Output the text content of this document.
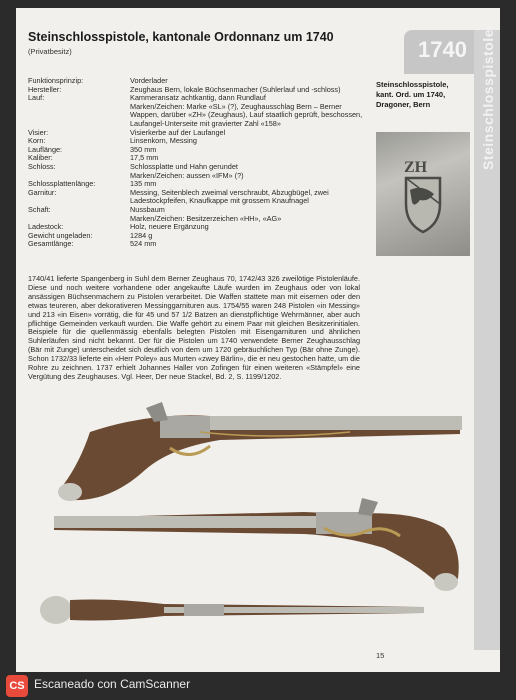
Steinschlosspistole, kantonale Ordonnanz um 1740
(Privatbesitz)	1740 Steinschlosspistolen
Funktionsprinzip:	Vorderlader
Hersteller:	Zeughaus Bern, lokale Büchsenmacher (Suhlerlauf und -schloss)
Lauf:	Kammeransatz achtkantig, dann Rundlauf
Marken/Zeichen: Marke «SL» (?), Zeughausschlag Bern – Berner Wappen, darüber «ZH» (Zeughaus), Lauf staatlich geprüft, beschossen, Laufangel-Unterseite mit gravierter Zahl «158»
Visier:	Visierkerbe auf der Laufangel
Korn:	Linsenkorn, Messing
Lauflänge:	350 mm
Kaliber:	17,5 mm
Schloss:	Schlossplatte und Hahn gerundet
Marken/Zeichen: aussen «IFM» (?)
Schlossplattenlänge:	135 mm
Garnitur:	Messing, Seitenblech zweimal verschraubt, Abzugbügel, zwei Ladestockpfeifen, Knaufkappe mit grossem Knaufnagel
Schaft:	Nussbaum
Marken/Zeichen: Besitzerzeichen «HH», «AG»
Ladestock:	Holz, neuere Ergänzung
Gewicht ungeladen:	1284 g
Gesamtlänge:	524 mm
Steinschlosspistole, kant. Ord. um 1740, Dragoner, Bern
ZH
1740/41 lieferte Spangenberg in Suhl dem Berner Zeughaus 70, 1742/43 326 zweilötige Pistolenläufe. Diese und noch weitere vorhandene oder angekaufte Läufe wurden im Zeughaus oder von lokal ansässigen Büchsenmachern zu Pistolen verarbeitet. Die Waffen stattete man mit eisernen oder den etwas teureren, aber dekorativeren Messinggarnituren aus. 1754/55 waren 248 Pistolen «in Messing» und 213 «in Eisen» vorrätig, die für 45 und 57 1/2 Batzen an dienstpflichtige Wehrmänner, aber auch pflichtige Gemeinden verkauft wurden. Die Waffe gehört zu einem Paar mit gleichen Besitzerinitialen. Beispiele für die quellenmässig ebenfalls belegten Pistolen mit Eisengarnituren und ähnlichen Suhlerläufen sind nicht bekannt. Der für die Pistolen um 1740 verwendete Berner Zeughausschlag (Bär mit Zunge) unterscheidet sich deutlich von dem um 1720 gebräuchlichen Typ (Bär ohne Zunge). Schon 1732/33 lieferte ein «Herr Poley» aus Murten «zwey Bärlin», die er neu gestochen hatte, um die Rohre zu zeichnen. 1737 erhielt Johannes Haller von Zofingen für einen weiteren «Stämpfel» eine Vergütung des Zeughauses. Vgl. Heer, Der neue Stackel, Bd. 2, S. 1199/1202.
15
CS Escaneado con CamScanner
